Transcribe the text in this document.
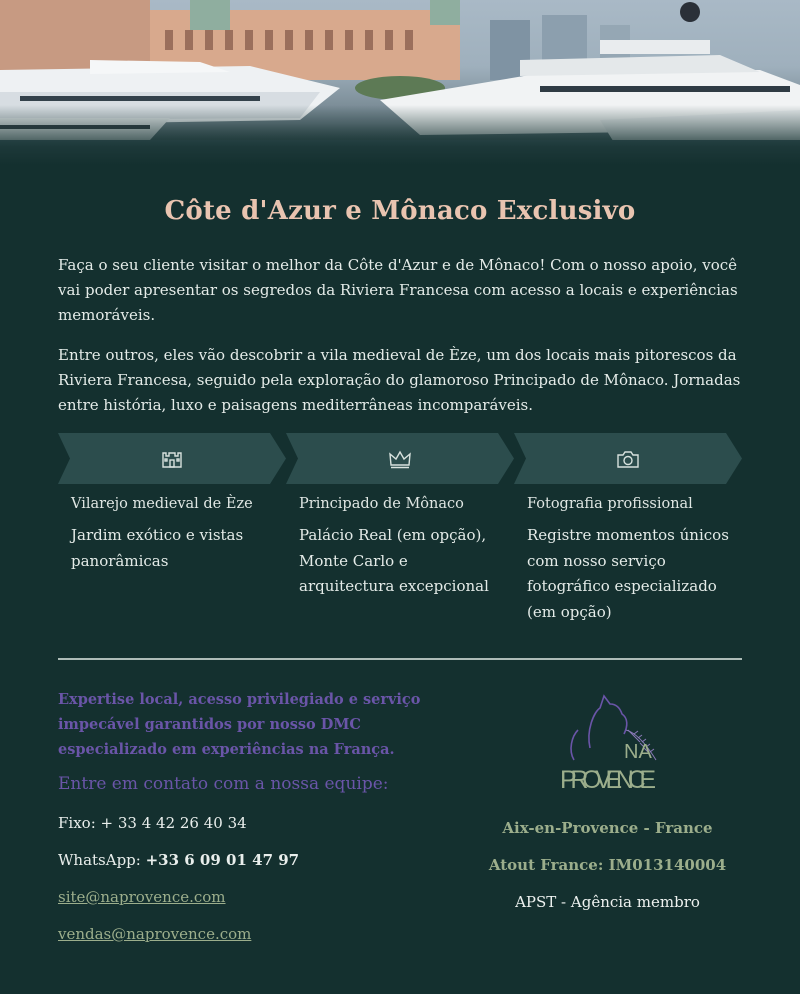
Côte d'Azur e Mônaco Exclusivo

Faça o seu cliente visitar o melhor da Côte d'Azur e de Mônaco! Com o nosso apoio, você vai poder apresentar os segredos da Riviera Francesa com acesso a locais e experiências memoráveis.

Entre outros, eles vão descobrir a vila medieval de Èze, um dos locais mais pitorescos da Riviera Francesa, seguido pela exploração do glamoroso Principado de Mônaco. Jornadas entre história, luxo e paisagens mediterrâneas incomparáveis.

Vilarejo medieval de Èze
Jardim exótico e vistas panorâmicas
Principado de Mônaco
Palácio Real (em opção), Monte Carlo e arquitectura excepcional
Fotografia profissional
Registre momentos únicos com nosso serviço fotográfico especializado (em opção)

Expertise local, acesso privilegiado e serviço impecável garantidos por nosso DMC especializado em experiências na França.

Entre em contato com a nossa equipe:
Fixo: + 33 4 42 26 40 34
WhatsApp: +33 6 09 01 47 97
site@naprovence.com
vendas@naprovence.com
NA
PROVENCE
Aix-en-Provence - France
Atout France: IM013140004
APST - Agência membro
